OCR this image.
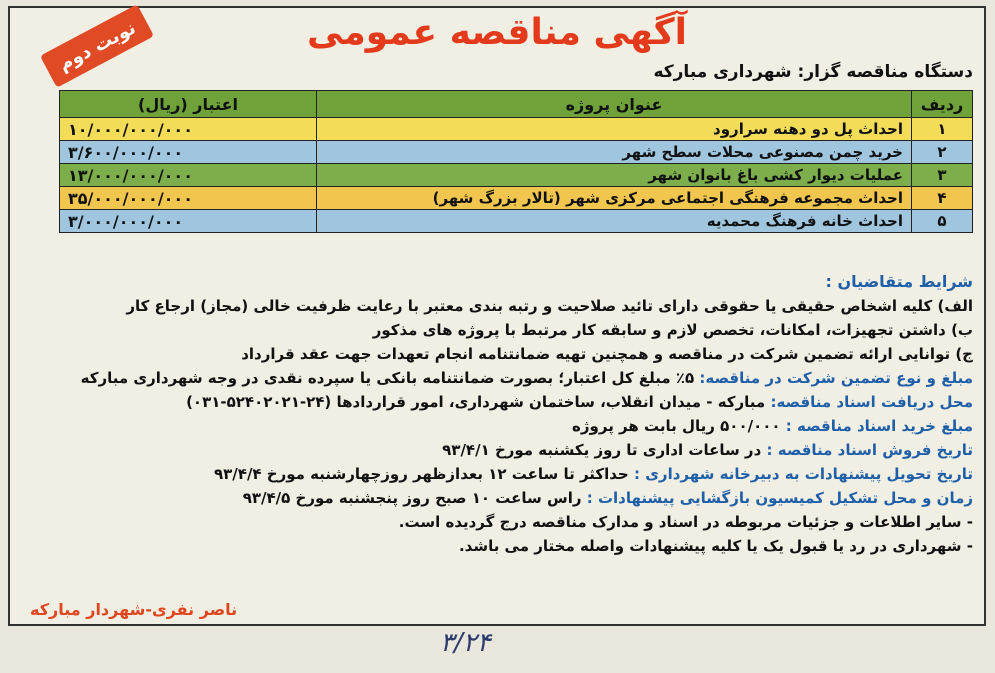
نوبت دوم	آگهی مناقصه عمومی
دستگاه مناقصه گزار: شهرداری مبارکه
ردیف	عنوان پروژه	اعتبار (ریال)
۱	احداث پل دو دهنه سرارود	۱۰/۰۰۰/۰۰۰/۰۰۰
۲	خرید چمن مصنوعی محلات سطح شهر	۳/۶۰۰/۰۰۰/۰۰۰
۳	عملیات دیوار کشی باغ بانوان شهر	۱۳/۰۰۰/۰۰۰/۰۰۰
۴	احداث مجموعه فرهنگی اجتماعی مرکزی شهر (تالار بزرگ شهر)	۳۵/۰۰۰/۰۰۰/۰۰۰
۵	احداث خانه فرهنگ محمدیه	۳/۰۰۰/۰۰۰/۰۰۰
شرایط متقاضیان :
الف) کلیه اشخاص حقیقی یا حقوقی دارای تائید صلاحیت و رتبه بندی معتبر با رعایت ظرفیت خالی (مجاز) ارجاع کار
ب) داشتن تجهیزات، امکانات، تخصص لازم و سابقه کار مرتبط با پروژه های مذکور
ج) توانایی ارائه تضمین شرکت در مناقصه و همچنین تهیه ضمانتنامه انجام تعهدات جهت عقد قرارداد
مبلغ و نوع تضمین شرکت در مناقصه: ۵٪ مبلغ کل اعتبار؛ بصورت ضمانتنامه بانکی یا سپرده نقدی در وجه شهرداری مبارکه
محل دریافت اسناد مناقصه: مبارکه - میدان انقلاب، ساختمان شهرداری، امور قراردادها (۲۴-۵۲۴۰۲۰۲۱-۰۳۱)
مبلغ خرید اسناد مناقصه : ۵۰۰/۰۰۰ ریال بابت هر پروژه
تاریخ فروش اسناد مناقصه : در ساعات اداری تا روز یکشنبه مورخ ۹۳/۴/۱
تاریخ تحویل پیشنهادات به دبیرخانه شهرداری : حداکثر تا ساعت ۱۲ بعدازظهر روزچهارشنبه مورخ ۹۳/۴/۴
زمان و محل تشکیل کمیسیون بازگشایی پیشنهادات : راس ساعت ۱۰ صبح روز پنجشنبه مورخ ۹۳/۴/۵
- سایر اطلاعات و جزئیات مربوطه در اسناد و مدارک مناقصه درج گردیده است.
- شهرداری در رد یا قبول یک یا کلیه پیشنهادات واصله مختار می باشد.
ناصر نفری-شهردار مبارکه
۳/۲۴
